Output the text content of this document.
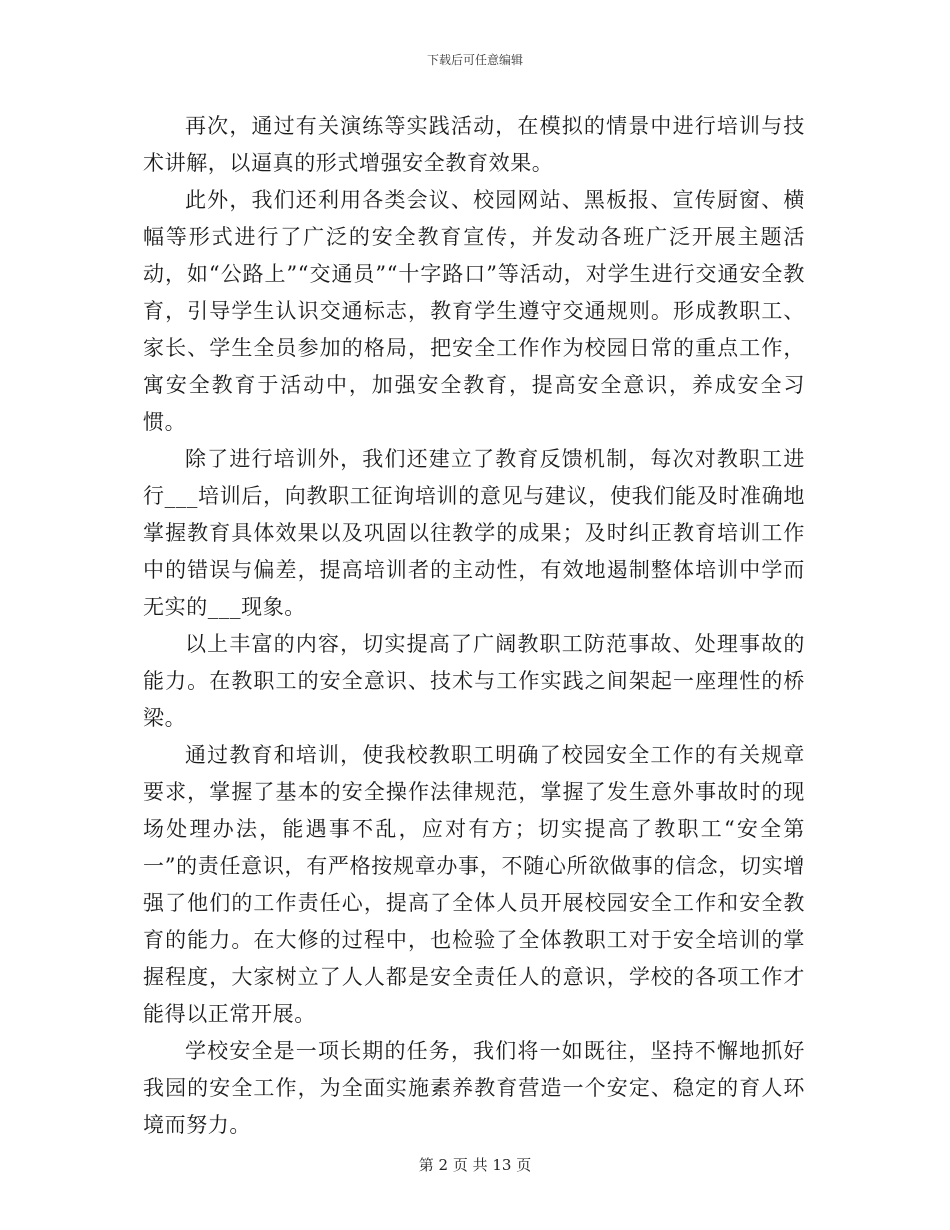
下载后可任意编辑

再次，通过有关演练等实践活动，在模拟的情景中进行培训与技术讲解，以逼真的形式增强安全教育效果。

此外，我们还利用各类会议、校园网站、黑板报、宣传厨窗、横幅等形式进行了广泛的安全教育宣传，并发动各班广泛开展主题活动，如“公路上”“交通员”“十字路口”等活动，对学生进行交通安全教育，引导学生认识交通标志，教育学生遵守交通规则。形成教职工、家长、学生全员参加的格局，把安全工作作为校园日常的重点工作，寓安全教育于活动中，加强安全教育，提高安全意识，养成安全习惯。

除了进行培训外，我们还建立了教育反馈机制，每次对教职工进行___培训后，向教职工征询培训的意见与建议，使我们能及时准确地掌握教育具体效果以及巩固以往教学的成果；及时纠正教育培训工作中的错误与偏差，提高培训者的主动性，有效地遏制整体培训中学而无实的___现象。

以上丰富的内容，切实提高了广阔教职工防范事故、处理事故的能力。在教职工的安全意识、技术与工作实践之间架起一座理性的桥梁。

通过教育和培训，使我校教职工明确了校园安全工作的有关规章要求，掌握了基本的安全操作法律规范，掌握了发生意外事故时的现场处理办法，能遇事不乱，应对有方；切实提高了教职工“安全第一”的责任意识，有严格按规章办事，不随心所欲做事的信念，切实增强了他们的工作责任心，提高了全体人员开展校园安全工作和安全教育的能力。在大修的过程中，也检验了全体教职工对于安全培训的掌握程度，大家树立了人人都是安全责任人的意识，学校的各项工作才能得以正常开展。

学校安全是一项长期的任务，我们将一如既往，坚持不懈地抓好我园的安全工作，为全面实施素养教育营造一个安定、稳定的育人环境而努力。

第 2 页 共 13 页
